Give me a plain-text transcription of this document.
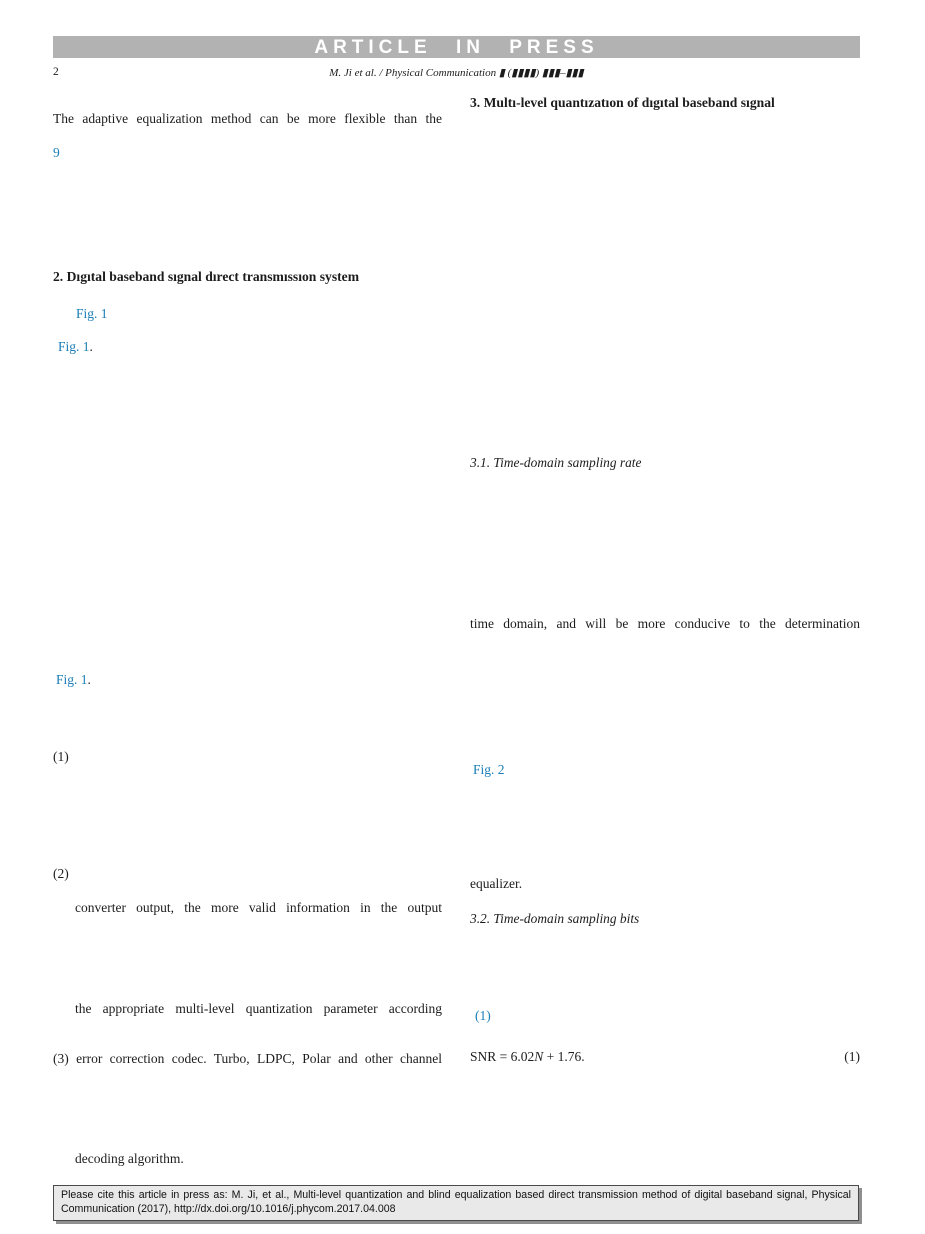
ARTICLE IN PRESS
2	M. Ji et al. / Physical Communication ▮ (▮▮▮▮) ▮▮▮–▮▮▮
The adaptive equalization method can be more flexible than the
9
2. Dıgıtal baseband sıgnal dırect transmıssıon system
Fig. 1
Fig. 1.
Fig. 1.
(1)
(2)
converter output, the more valid information in the output
the appropriate multi-level quantization parameter according
(3) error correction codec. Turbo, LDPC, Polar and other channel
decoding algorithm.
3. Multı-level quantızatıon of dıgıtal baseband sıgnal
3.1. Time-domain sampling rate
time domain, and will be more conducive to the determination
Fig. 2
equalizer.
3.2. Time-domain sampling bits
(1)
SNR = 6.02N + 1.76.	(1)
Please cite this article in press as: M. Ji, et al., Multi-level quantization and blind equalization based direct transmission method of digital baseband signal, Physical Communication (2017), http://dx.doi.org/10.1016/j.phycom.2017.04.008
